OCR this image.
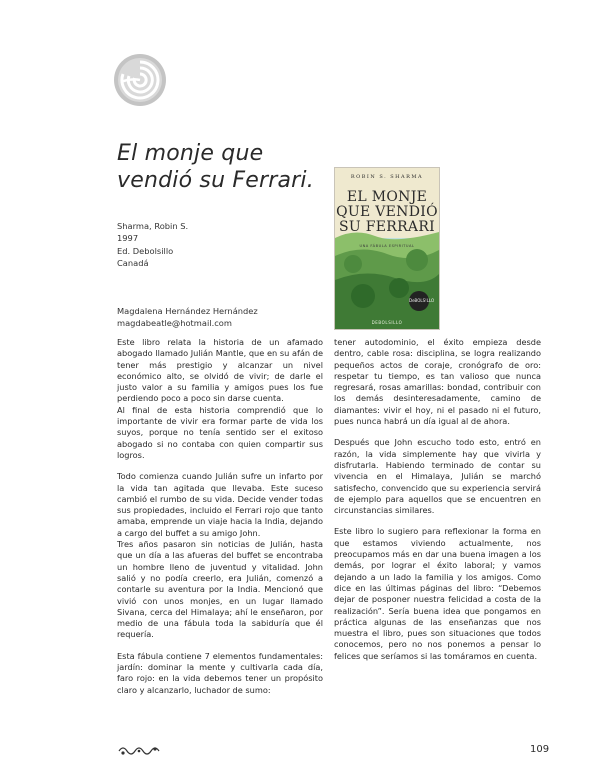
El monje que
vendió su Ferrari.
Sharma, Robin S.
1997
Ed. Debolsillo
Canadá
ROBIN S. SHARMA
EL MONJE
QUE VENDIÓ
SU FERRARI
UNA FÁBULA ESPIRITUAL
DeBOLS!LLO
DEBOLSILLO
Magdalena Hernández Hernández
magdabeatle@hotmail.com

Este libro relata la historia de un afamado abogado llamado Julián Mantle, que en su afán de tener más prestigio y alcanzar un nivel económico alto, se olvidó de vivir; de darle el justo valor a su familia y amigos pues los fue perdiendo poco a poco sin darse cuenta.

Al final de esta historia comprendió que lo importante de vivir era formar parte de vida los suyos, porque no tenía sentido ser el exitoso abogado si no contaba con quien compartir sus logros.

Todo comienza cuando Julián sufre un infarto por la vida tan agitada que llevaba. Este suceso cambió el rumbo de su vida. Decide vender todas sus propiedades, incluido el Ferrari rojo que tanto amaba, emprende un viaje hacia la India, dejando a cargo del buffet a su amigo John.

Tres años pasaron sin noticias de Julián, hasta que un día a las afueras del buffet se encontraba un hombre lleno de juventud y vitalidad. John salió y no podía creerlo, era Julián, comenzó a contarle su aventura por la India. Mencionó que vivió con unos monjes, en un lugar llamado Sivana, cerca del Himalaya; ahí le enseñaron, por medio de una fábula toda la sabiduría que él requería.

Esta fábula contiene 7 elementos fundamentales: jardín: dominar la mente y cultivarla cada día, faro rojo: en la vida debemos tener un propósito claro y alcanzarlo, luchador de sumo:

tener autodominio, el éxito empieza desde dentro, cable rosa: disciplina, se logra realizando pequeños actos de coraje, cronógrafo de oro: respetar tu tiempo, es tan valioso que nunca regresará, rosas amarillas: bondad, contribuir con los demás desinteresadamente, camino de diamantes: vivir el hoy, ni el pasado ni el futuro, pues nunca habrá un día igual al de ahora.

Después que John escucho todo esto, entró en razón, la vida simplemente hay que vivirla y disfrutarla. Habiendo terminado de contar su vivencia en el Himalaya, Julián se marchó satisfecho, convencido que su experiencia servirá de ejemplo para aquellos que se encuentren en circunstancias similares.

Este libro lo sugiero para reflexionar la forma en que estamos viviendo actualmente, nos preocupamos más en dar una buena imagen a los demás, por lograr el éxito laboral; y vamos dejando a un lado la familia y los amigos. Como dice en las últimas páginas del libro: “Debemos dejar de posponer nuestra felicidad a costa de la realización”. Sería buena idea que pongamos en práctica algunas de las enseñanzas que nos muestra el libro, pues son situaciones que todos conocemos, pero no nos ponemos a pensar lo felices que seríamos si las tomáramos en cuenta.

109
